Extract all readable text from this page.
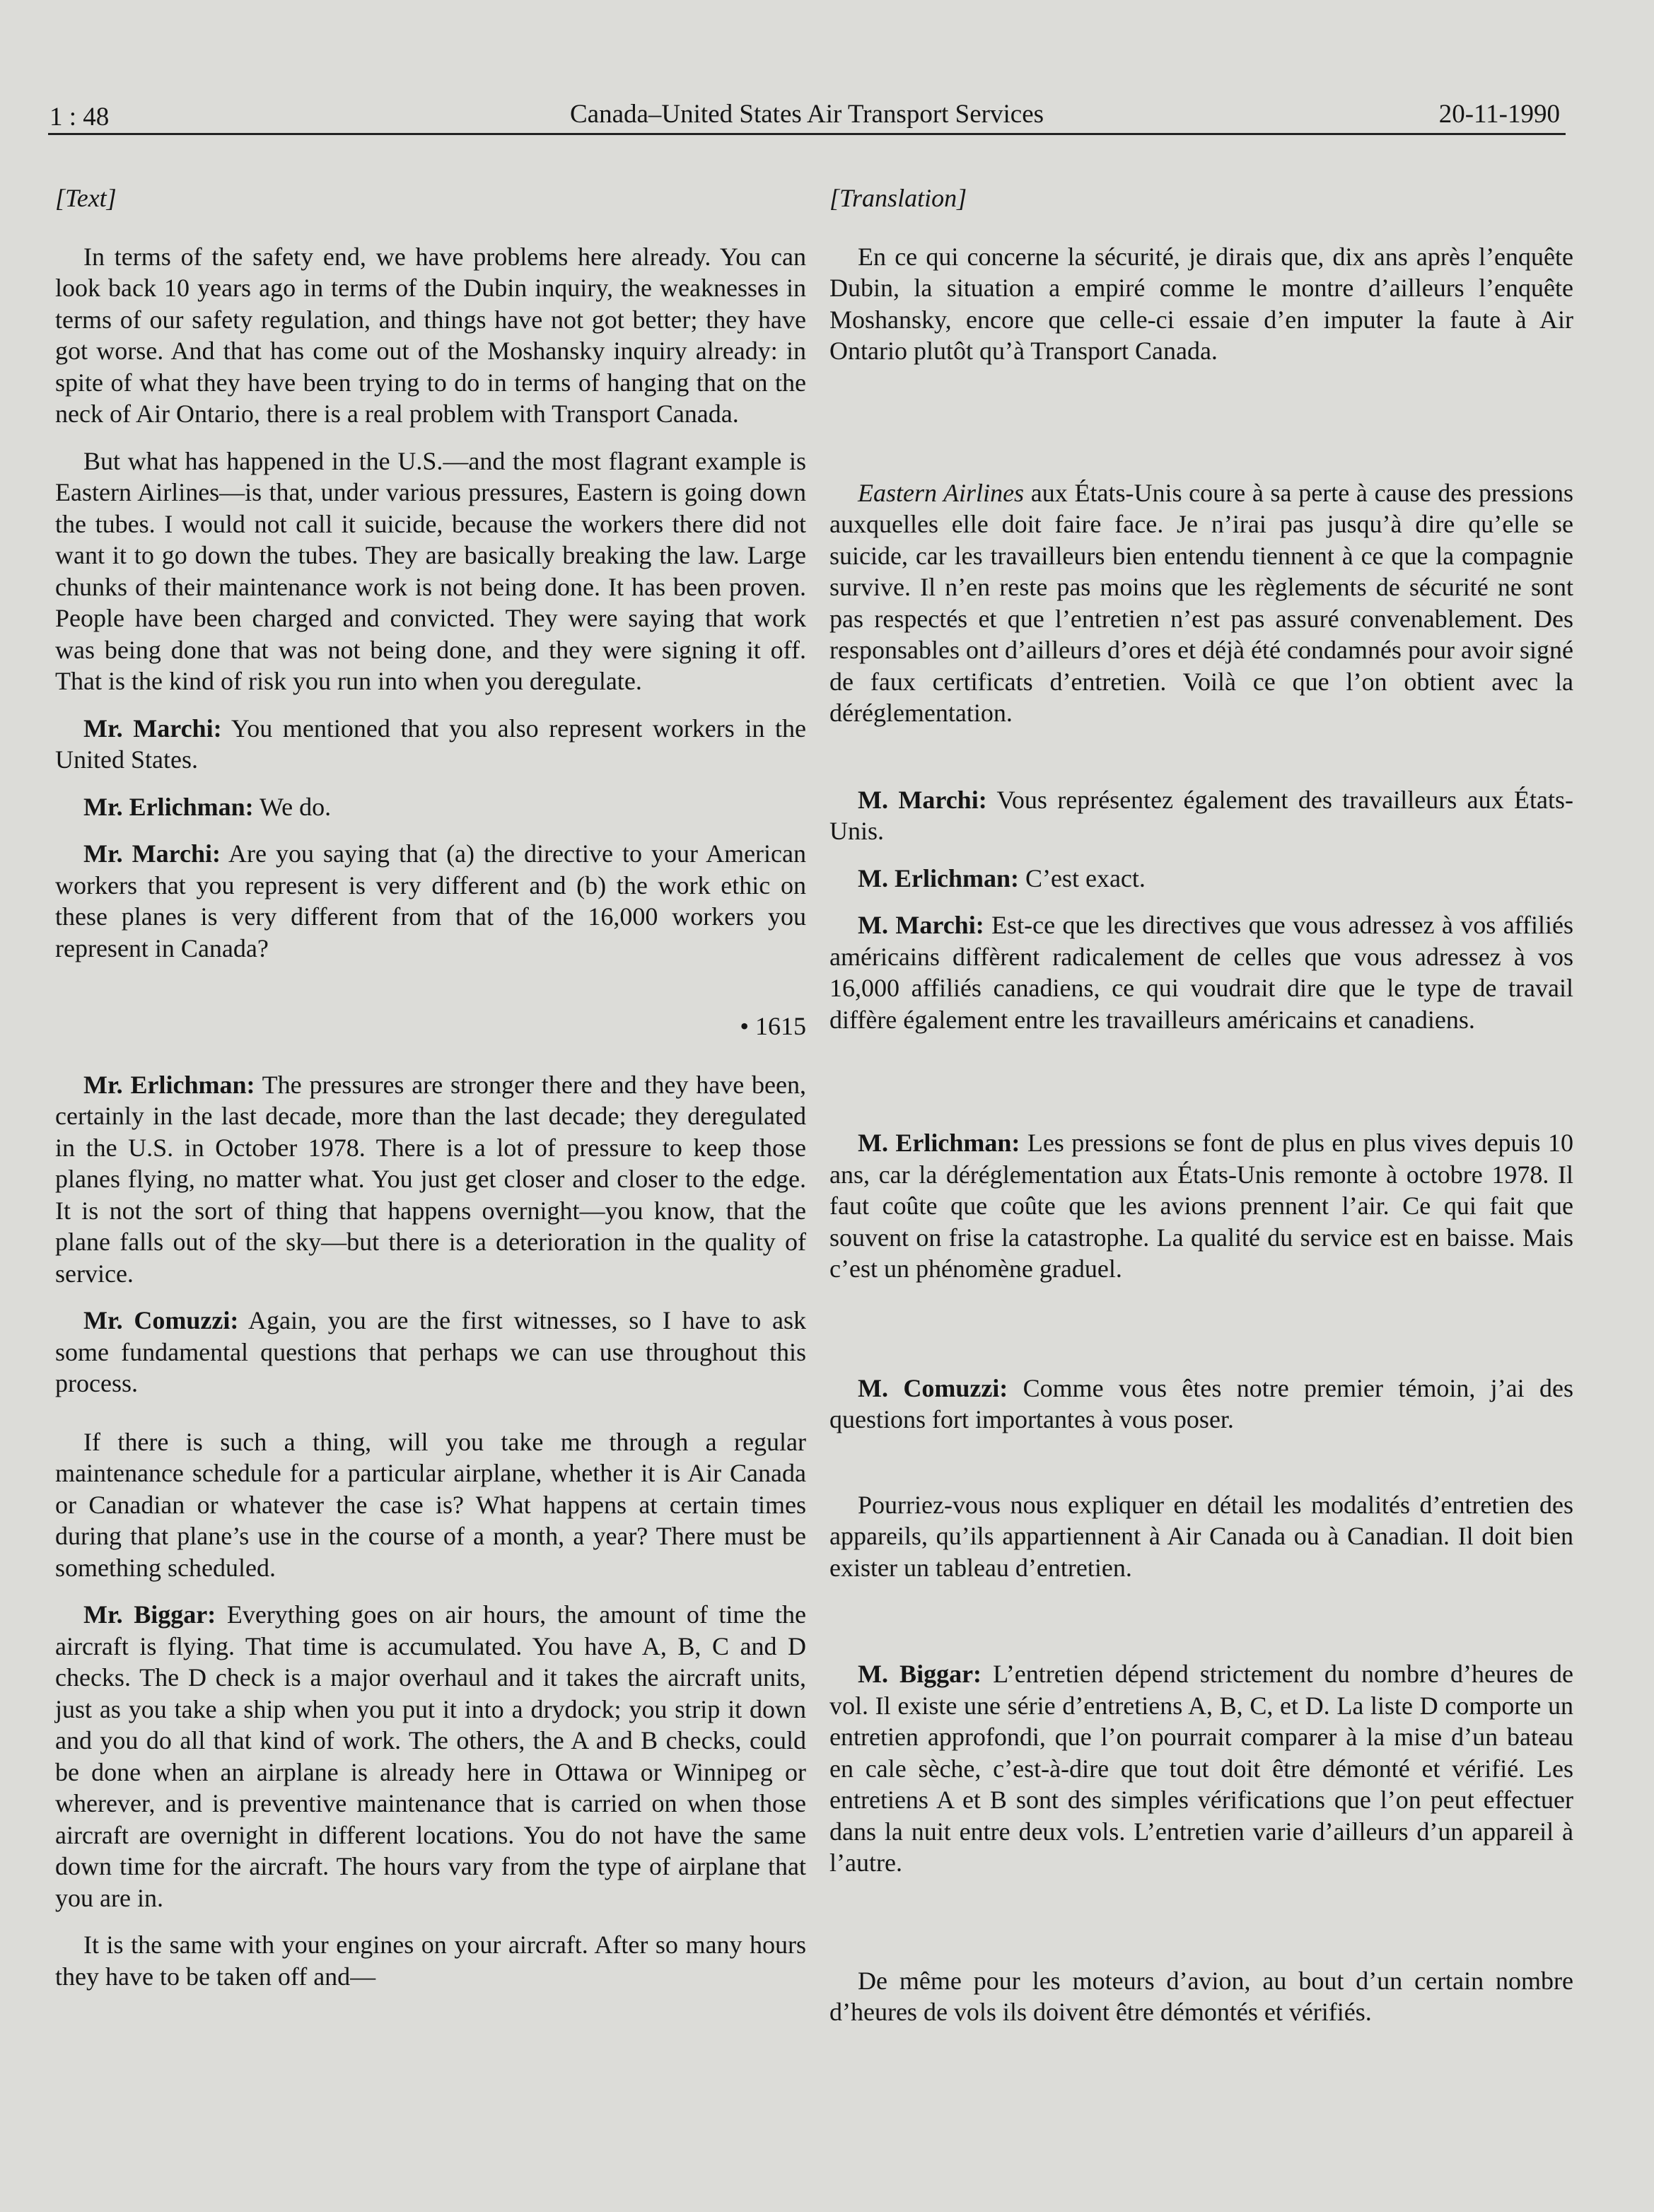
1 : 48	Canada–United States Air Transport Services	20-11-1990

[Text]

In terms of the safety end, we have problems here already. You can look back 10 years ago in terms of the Dubin inquiry, the weaknesses in terms of our safety regulation, and things have not got better; they have got worse. And that has come out of the Moshansky inquiry already: in spite of what they have been trying to do in terms of hanging that on the neck of Air Ontario, there is a real problem with Transport Canada.

But what has happened in the U.S.—and the most flagrant example is Eastern Airlines—is that, under various pressures, Eastern is going down the tubes. I would not call it suicide, because the workers there did not want it to go down the tubes. They are basically breaking the law. Large chunks of their maintenance work is not being done. It has been proven. People have been charged and convicted. They were saying that work was being done that was not being done, and they were signing it off. That is the kind of risk you run into when you deregulate.

Mr. Marchi: You mentioned that you also represent workers in the United States.

Mr. Erlichman: We do.

Mr. Marchi: Are you saying that (a) the directive to your American workers that you represent is very different and (b) the work ethic on these planes is very different from that of the 16,000 workers you represent in Canada?

• 1615

Mr. Erlichman: The pressures are stronger there and they have been, certainly in the last decade, more than the last decade; they deregulated in the U.S. in October 1978. There is a lot of pressure to keep those planes flying, no matter what. You just get closer and closer to the edge. It is not the sort of thing that happens overnight—you know, that the plane falls out of the sky—but there is a deterioration in the quality of service.

Mr. Comuzzi: Again, you are the first witnesses, so I have to ask some fundamental questions that perhaps we can use throughout this process.

If there is such a thing, will you take me through a regular maintenance schedule for a particular airplane, whether it is Air Canada or Canadian or whatever the case is? What happens at certain times during that plane’s use in the course of a month, a year? There must be something scheduled.

Mr. Biggar: Everything goes on air hours, the amount of time the aircraft is flying. That time is accumulated. You have A, B, C and D checks. The D check is a major overhaul and it takes the aircraft units, just as you take a ship when you put it into a drydock; you strip it down and you do all that kind of work. The others, the A and B checks, could be done when an airplane is already here in Ottawa or Winnipeg or wherever, and is preventive maintenance that is carried on when those aircraft are overnight in different locations. You do not have the same down time for the aircraft. The hours vary from the type of airplane that you are in.

It is the same with your engines on your aircraft. After so many hours they have to be taken off and—

[Translation]

En ce qui concerne la sécurité, je dirais que, dix ans après l’enquête Dubin, la situation a empiré comme le montre d’ailleurs l’enquête Moshansky, encore que celle-ci essaie d’en imputer la faute à Air Ontario plutôt qu’à Transport Canada.

Eastern Airlines aux États-Unis coure à sa perte à cause des pressions auxquelles elle doit faire face. Je n’irai pas jusqu’à dire qu’elle se suicide, car les travailleurs bien entendu tiennent à ce que la compagnie survive. Il n’en reste pas moins que les règlements de sécurité ne sont pas respectés et que l’entretien n’est pas assuré convenablement. Des responsables ont d’ailleurs d’ores et déjà été condamnés pour avoir signé de faux certificats d’entretien. Voilà ce que l’on obtient avec la déréglementation.

M. Marchi: Vous représentez également des travailleurs aux États-Unis.

M. Erlichman: C’est exact.

M. Marchi: Est-ce que les directives que vous adressez à vos affiliés américains diffèrent radicalement de celles que vous adressez à vos 16,000 affiliés canadiens, ce qui voudrait dire que le type de travail diffère également entre les travailleurs américains et canadiens.

M. Erlichman: Les pressions se font de plus en plus vives depuis 10 ans, car la déréglementation aux États-Unis remonte à octobre 1978. Il faut coûte que coûte que les avions prennent l’air. Ce qui fait que souvent on frise la catastrophe. La qualité du service est en baisse. Mais c’est un phénomène graduel.

M. Comuzzi: Comme vous êtes notre premier témoin, j’ai des questions fort importantes à vous poser.

Pourriez-vous nous expliquer en détail les modalités d’entretien des appareils, qu’ils appartiennent à Air Canada ou à Canadian. Il doit bien exister un tableau d’entretien.

M. Biggar: L’entretien dépend strictement du nombre d’heures de vol. Il existe une série d’entretiens A, B, C, et D. La liste D comporte un entretien approfondi, que l’on pourrait comparer à la mise d’un bateau en cale sèche, c’est-à-dire que tout doit être démonté et vérifié. Les entretiens A et B sont des simples vérifications que l’on peut effectuer dans la nuit entre deux vols. L’entretien varie d’ailleurs d’un appareil à l’autre.

De même pour les moteurs d’avion, au bout d’un certain nombre d’heures de vols ils doivent être démontés et vérifiés.
